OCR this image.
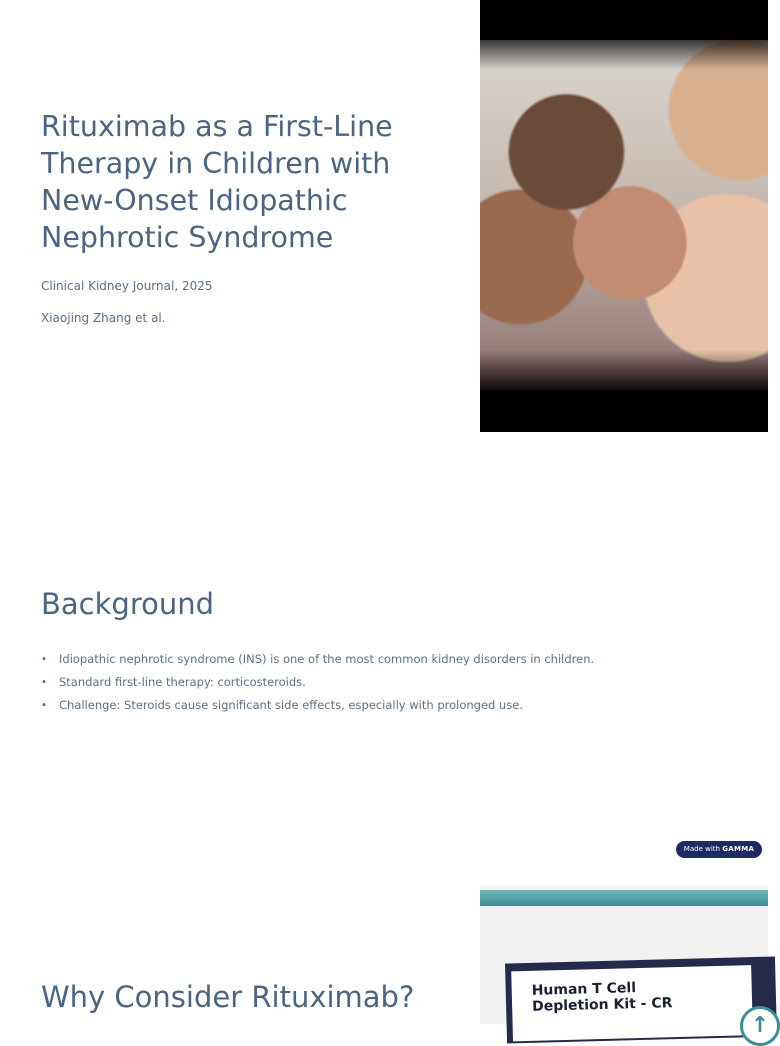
Rituximab as a First-Line Therapy in Children with New-Onset Idiopathic Nephrotic Syndrome

Clinical Kidney Journal, 2025

Xiaojing Zhang et al.

Background
• Idiopathic nephrotic syndrome (INS) is one of the most common kidney disorders in children.
• Standard first-line therapy: corticosteroids.
• Challenge: Steroids cause significant side effects, especially with prolonged use.
Made with GAMMA
Why Consider Rituximab?	Human T Cell
Depletion Kit - CR
↑
